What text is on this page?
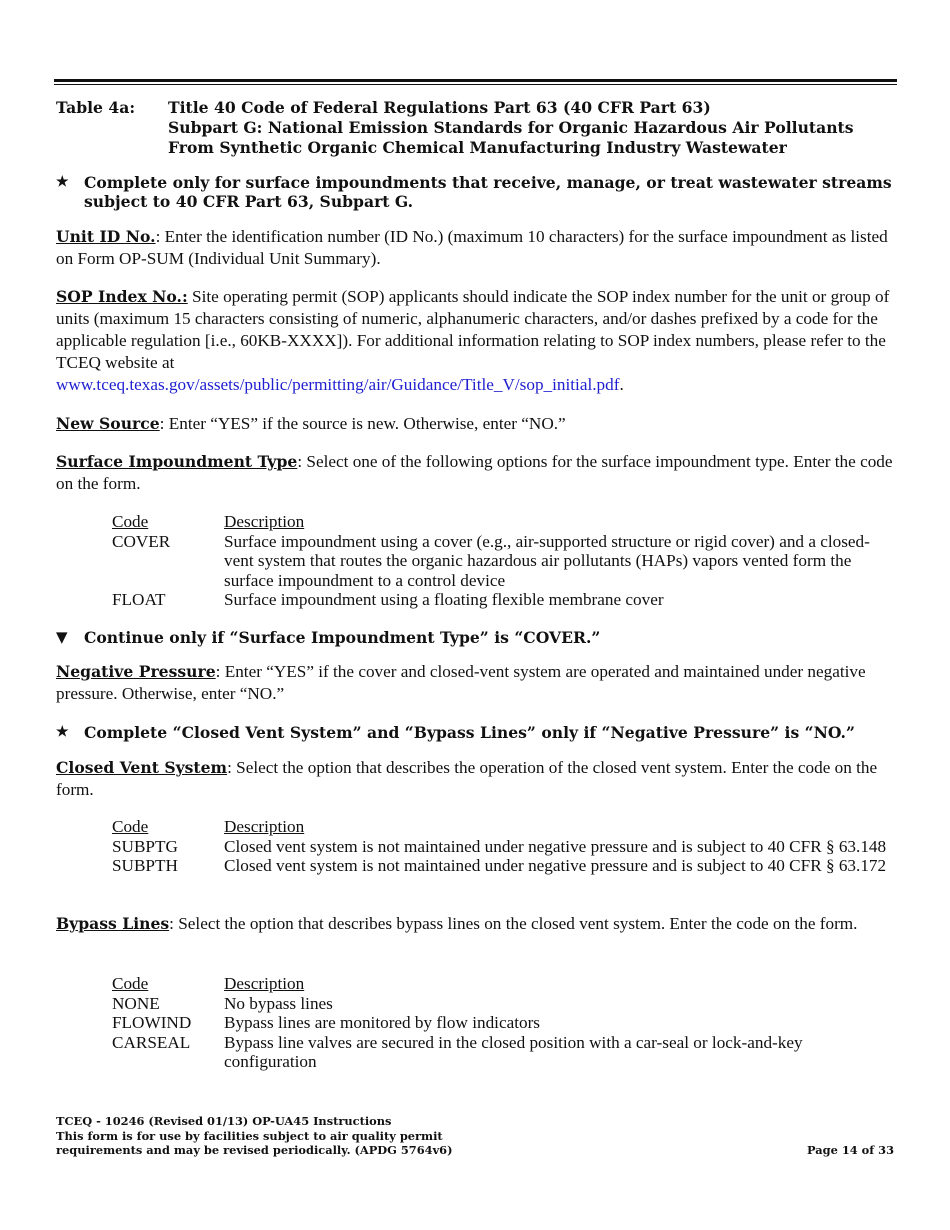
Table 4a: Title 40 Code of Federal Regulations Part 63 (40 CFR Part 63)
Subpart G: National Emission Standards for Organic Hazardous Air Pollutants
From Synthetic Organic Chemical Manufacturing Industry Wastewater
★ Complete only for surface impoundments that receive, manage, or treat wastewater streams subject to 40 CFR Part 63, Subpart G.
Unit ID No.: Enter the identification number (ID No.) (maximum 10 characters) for the surface impoundment as listed on Form OP-SUM (Individual Unit Summary).
SOP Index No.: Site operating permit (SOP) applicants should indicate the SOP index number for the unit or group of units (maximum 15 characters consisting of numeric, alphanumeric characters, and/or dashes prefixed by a code for the applicable regulation [i.e., 60KB-XXXX]). For additional information relating to SOP index numbers, please refer to the TCEQ website at
www.tceq.texas.gov/assets/public/permitting/air/Guidance/Title_V/sop_initial.pdf.
New Source: Enter “YES” if the source is new. Otherwise, enter “NO.”
Surface Impoundment Type: Select one of the following options for the surface impoundment type. Enter the code on the form.
Code	Description
COVER	Surface impoundment using a cover (e.g., air-supported structure or rigid cover) and a closed-vent system that routes the organic hazardous air pollutants (HAPs) vapors vented form the surface impoundment to a control device
FLOAT	Surface impoundment using a floating flexible membrane cover
▼ Continue only if “Surface Impoundment Type” is “COVER.”
Negative Pressure: Enter “YES” if the cover and closed-vent system are operated and maintained under negative pressure. Otherwise, enter “NO.”
★ Complete “Closed Vent System” and “Bypass Lines” only if “Negative Pressure” is “NO.”
Closed Vent System: Select the option that describes the operation of the closed vent system. Enter the code on the form.
Code	Description
SUBPTG	Closed vent system is not maintained under negative pressure and is subject to 40 CFR § 63.148
SUBPTH	Closed vent system is not maintained under negative pressure and is subject to 40 CFR § 63.172
Bypass Lines: Select the option that describes bypass lines on the closed vent system. Enter the code on the form.
Code	Description
NONE	No bypass lines
FLOWIND	Bypass lines are monitored by flow indicators
CARSEAL	Bypass line valves are secured in the closed position with a car-seal or lock-and-key configuration
TCEQ - 10246 (Revised 01/13) OP-UA45 Instructions
This form is for use by facilities subject to air quality permit
requirements and may be revised periodically. (APDG 5764v6)	Page 14 of 33
